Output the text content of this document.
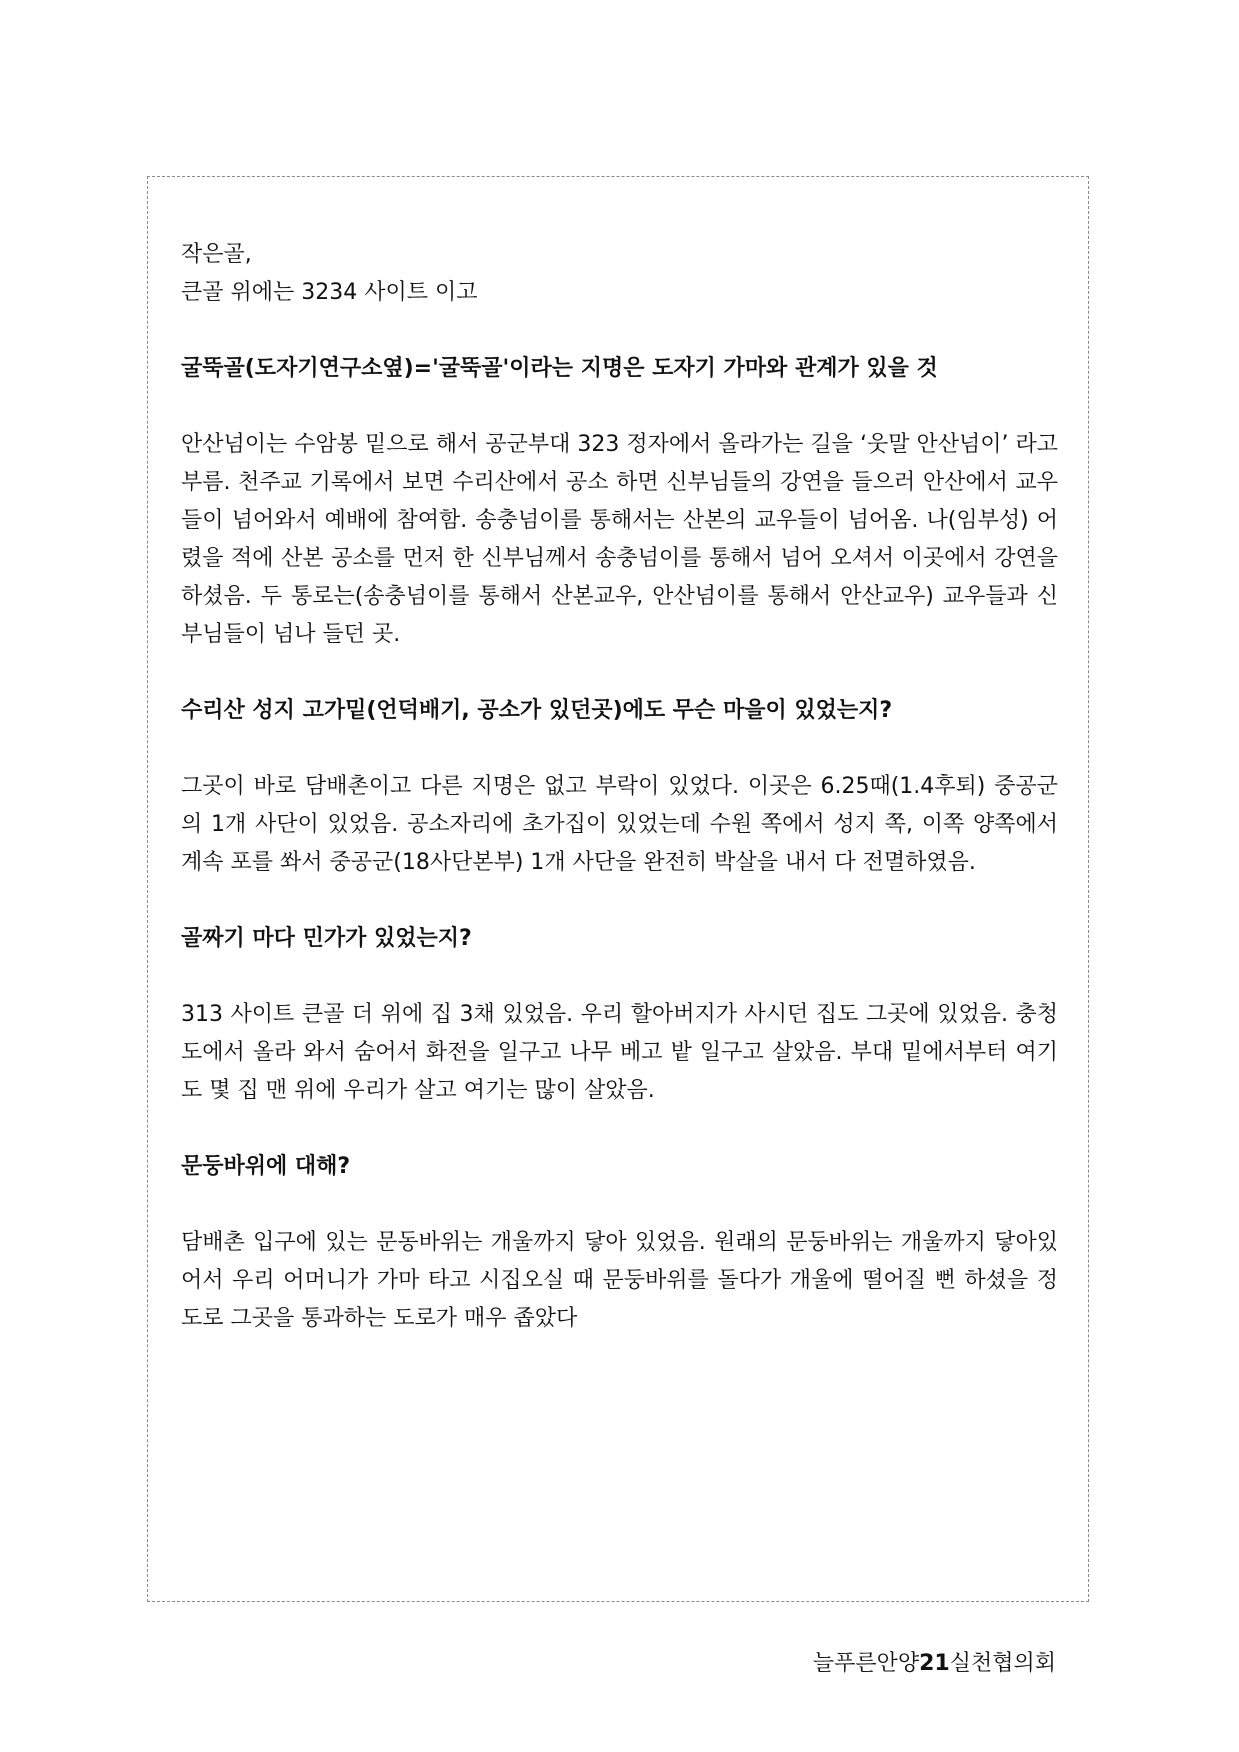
작은골,
큰골 위에는 3234 사이트 이고

굴뚝골(도자기연구소옆)='굴뚝골'이라는 지명은 도자기 가마와 관계가 있을 것

안산넘이는 수암봉 밑으로 해서 공군부대 323 정자에서 올라가는 길을 ‘웃말 안산넘이’ 라고 부름. 천주교 기록에서 보면 수리산에서 공소 하면 신부님들의 강연을 들으러 안산에서 교우들이 넘어와서 예배에 참여함. 송충넘이를 통해서는 산본의 교우들이 넘어옴. 나(임부성) 어렸을 적에 산본 공소를 먼저 한 신부님께서 송충넘이를 통해서 넘어 오셔서 이곳에서 강연을 하셨음. 두 통로는(송충넘이를 통해서 산본교우, 안산넘이를 통해서 안산교우) 교우들과 신부님들이 넘나 들던 곳.

수리산 성지 고가밑(언덕배기, 공소가 있던곳)에도 무슨 마을이 있었는지?

그곳이 바로 담배촌이고 다른 지명은 없고 부락이 있었다. 이곳은 6.25때(1.4후퇴) 중공군의 1개 사단이 있었음. 공소자리에 초가집이 있었는데 수원 쪽에서 성지 쪽, 이쪽 양쪽에서 계속 포를 쏴서 중공군(18사단본부) 1개 사단을 완전히 박살을 내서 다 전멸하였음.

골짜기 마다 민가가 있었는지?

313 사이트 큰골 더 위에 집 3채 있었음. 우리 할아버지가 사시던 집도 그곳에 있었음. 충청도에서 올라 와서 숨어서 화전을 일구고 나무 베고 밭 일구고 살았음. 부대 밑에서부터 여기도 몇 집 맨 위에 우리가 살고 여기는 많이 살았음.

문둥바위에 대해?

담배촌 입구에 있는 문동바위는 개울까지 닿아 있었음. 원래의 문둥바위는 개울까지 닿아있어서 우리 어머니가 가마 타고 시집오실 때 문둥바위를 돌다가 개울에 떨어질 뻔 하셨을 정도로 그곳을 통과하는 도로가 매우 좁았다

늘푸른안양21실천협의회
